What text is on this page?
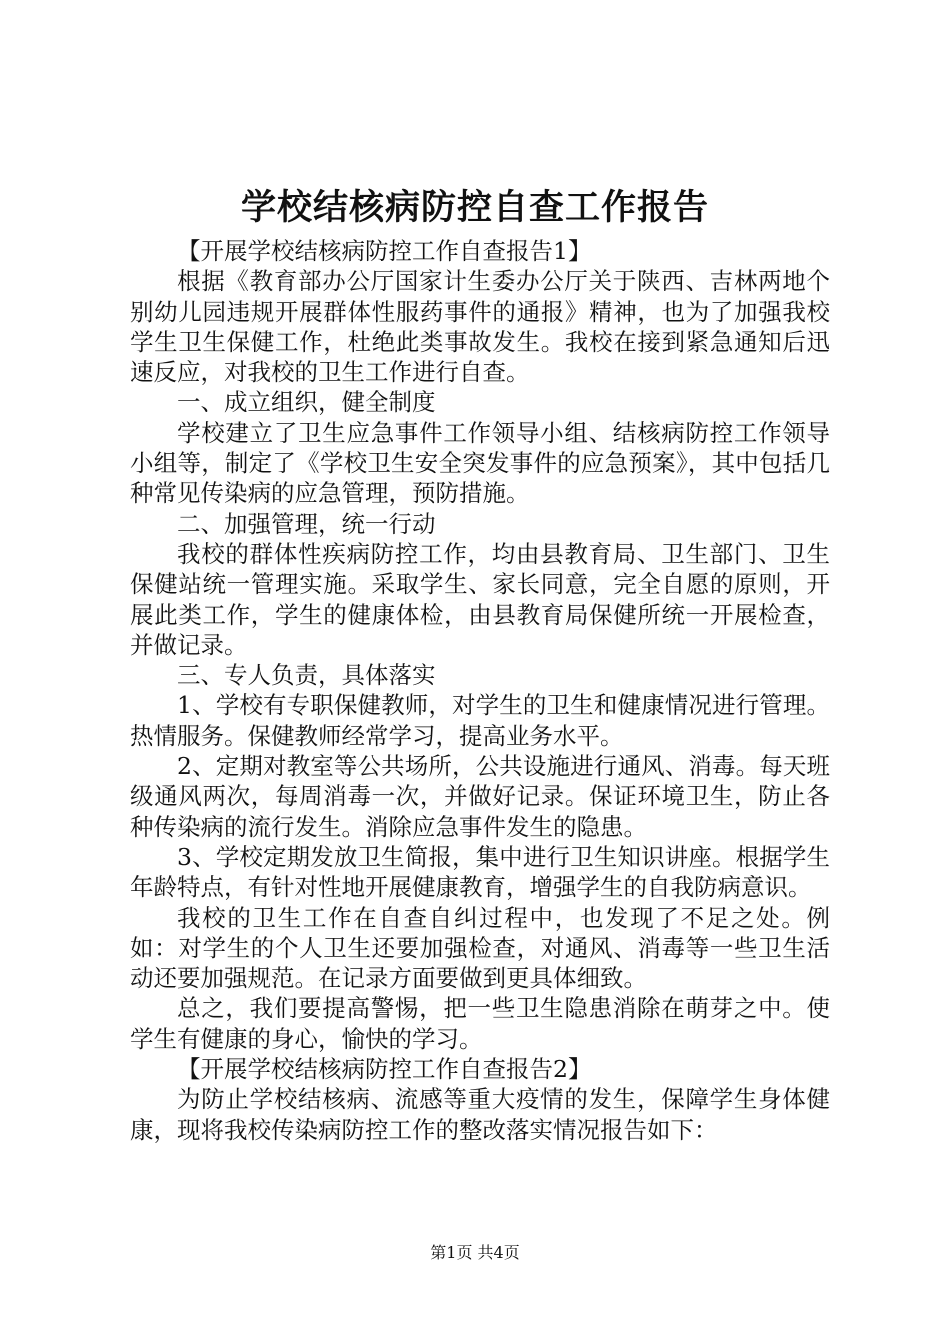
学校结核病防控自查工作报告

【开展学校结核病防控工作自查报告1】

根据《教育部办公厅国家计生委办公厅关于陕西、吉林两地个别幼儿园违规开展群体性服药事件的通报》精神，也为了加强我校学生卫生保健工作，杜绝此类事故发生。我校在接到紧急通知后迅速反应，对我校的卫生工作进行自查。

一、成立组织，健全制度

学校建立了卫生应急事件工作领导小组、结核病防控工作领导小组等，制定了《学校卫生安全突发事件的应急预案》，其中包括几种常见传染病的应急管理，预防措施。

二、加强管理，统一行动

我校的群体性疾病防控工作，均由县教育局、卫生部门、卫生保健站统一管理实施。采取学生、家长同意，完全自愿的原则，开展此类工作，学生的健康体检，由县教育局保健所统一开展检查，并做记录。

三、专人负责，具体落实

1、学校有专职保健教师，对学生的卫生和健康情况进行管理。热情服务。保健教师经常学习，提高业务水平。

2、定期对教室等公共场所，公共设施进行通风、消毒。每天班级通风两次，每周消毒一次，并做好记录。保证环境卫生，防止各种传染病的流行发生。消除应急事件发生的隐患。

3、学校定期发放卫生简报，集中进行卫生知识讲座。根据学生年龄特点，有针对性地开展健康教育，增强学生的自我防病意识。

我校的卫生工作在自查自纠过程中，也发现了不足之处。例如：对学生的个人卫生还要加强检查，对通风、消毒等一些卫生活动还要加强规范。在记录方面要做到更具体细致。

总之，我们要提高警惕，把一些卫生隐患消除在萌芽之中。使学生有健康的身心，愉快的学习。

【开展学校结核病防控工作自查报告2】

为防止学校结核病、流感等重大疫情的发生，保障学生身体健康，现将我校传染病防控工作的整改落实情况报告如下：

第1页 共4页
